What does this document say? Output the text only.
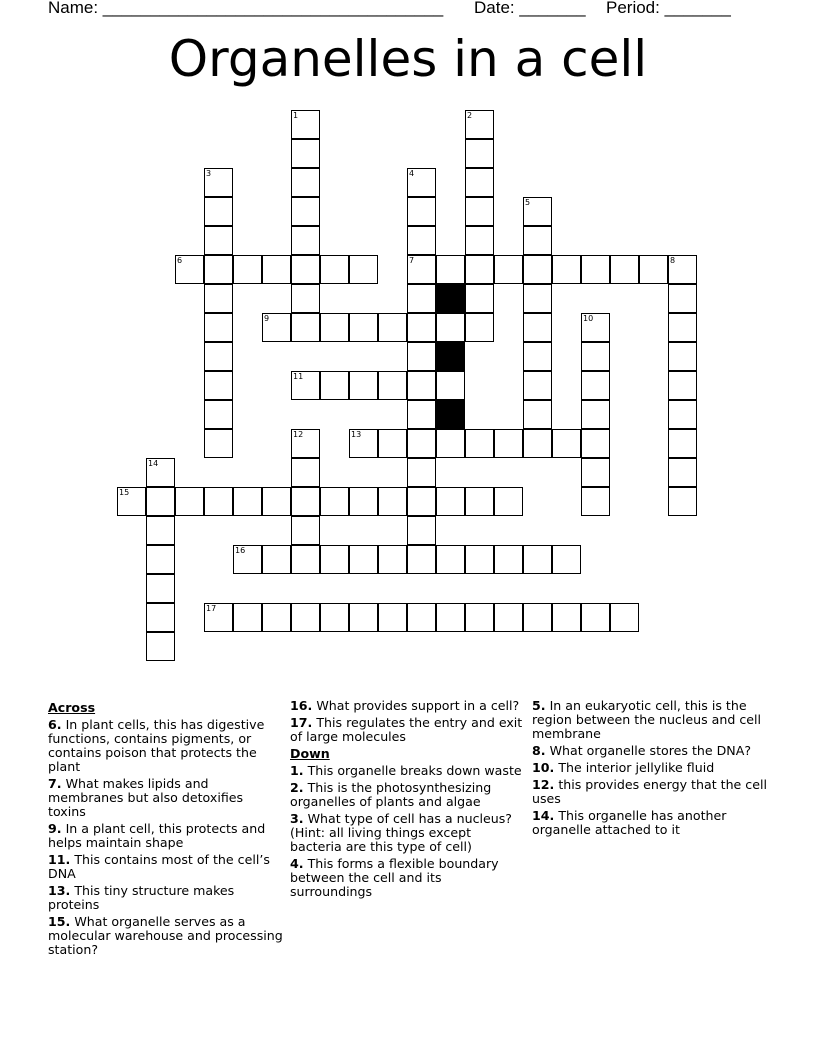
Name: ____________________________________ Date: _______ Period: _______
Organelles in a cell
1	2
3	4
7
5
6	8
9	10
11
12	13
14
15
16
17
Across
6. In plant cells, this has digestive functions, contains pigments, or contains poison that protects the plant
7. What makes lipids and membranes but also detoxifies toxins
9. In a plant cell, this protects and helps maintain shape
11. This contains most of the cell’s DNA
13. This tiny structure makes proteins
15. What organelle serves as a molecular warehouse and processing station?
16. What provides support in a cell?
17. This regulates the entry and exit of large molecules
Down
1. This organelle breaks down waste
2. This is the photosynthesizing organelles of plants and algae
3. What type of cell has a nucleus? (Hint: all living things except bacteria are this type of cell)
4. This forms a flexible boundary between the cell and its surroundings
5. In an eukaryotic cell, this is the region between the nucleus and cell membrane
8. What organelle stores the DNA?
10. The interior jellylike fluid
12. this provides energy that the cell uses
14. This organelle has another organelle attached to it
